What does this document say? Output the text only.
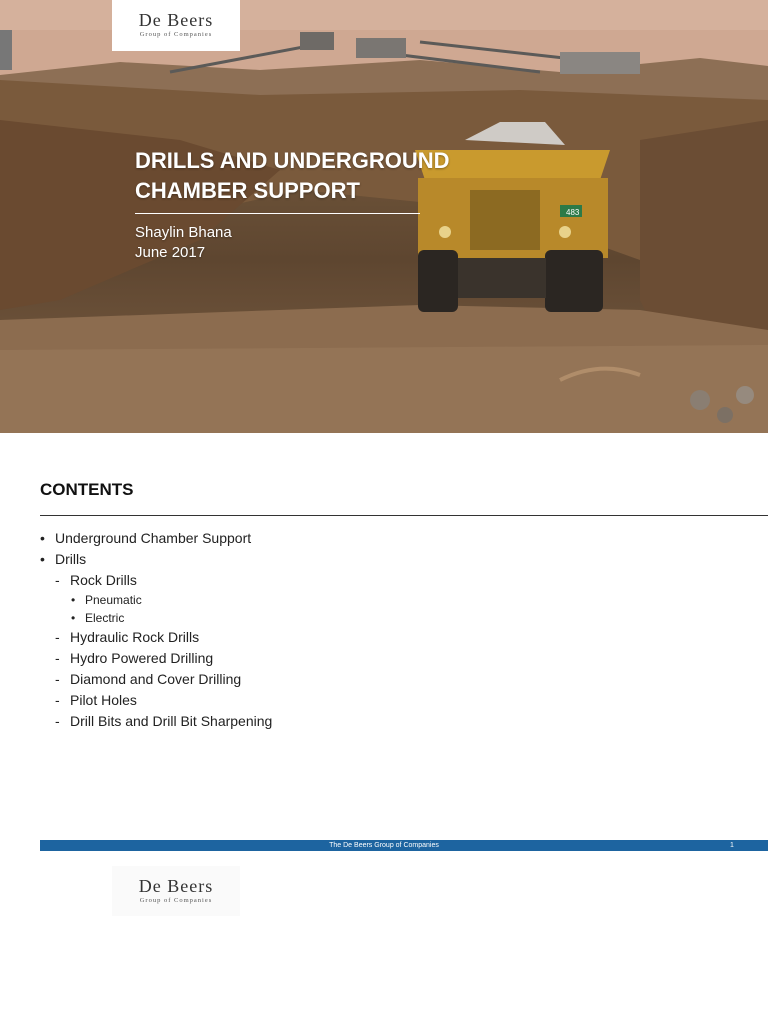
483
De Beers
Group of Companies
DRILLS AND UNDERGROUND
CHAMBER SUPPORT
Shaylin Bhana
June 2017
CONTENTS
• Underground Chamber Support
• Drills
- Rock Drills
• Pneumatic
• Electric
- Hydraulic Rock Drills
- Hydro Powered Drilling
- Diamond and Cover Drilling
- Pilot Holes
- Drill Bits and Drill Bit Sharpening
The De Beers Group of Companies	1
De Beers
Group of Companies
